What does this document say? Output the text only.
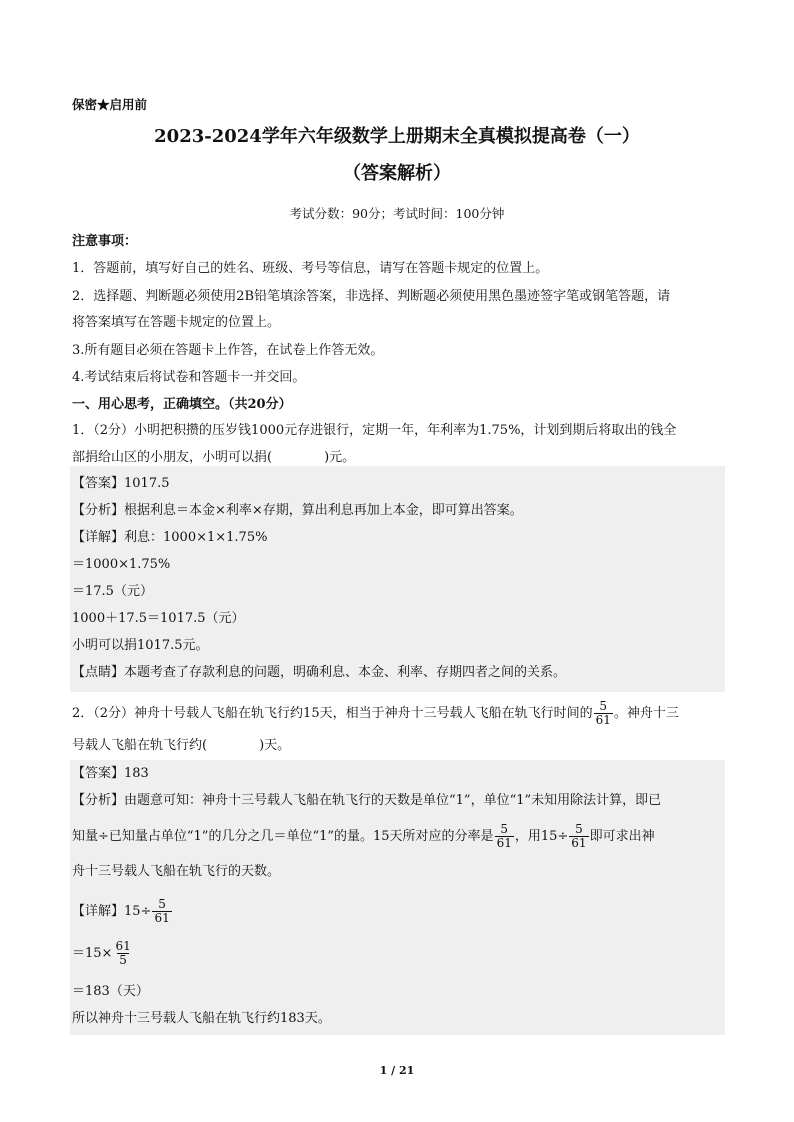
保密★启用前
2023-2024学年六年级数学上册期末全真模拟提高卷（一）
（答案解析）
考试分数：90分；考试时间：100分钟
注意事项：
1．答题前，填写好自己的姓名、班级、考号等信息，请写在答题卡规定的位置上。
2．选择题、判断题必须使用2B铅笔填涂答案，非选择、判断题必须使用黑色墨迹签字笔或钢笔答题，请
将答案填写在答题卡规定的位置上。
3.所有题目必须在答题卡上作答，在试卷上作答无效。
4.考试结束后将试卷和答题卡一并交回。
一、用心思考，正确填空。（共20分）
1．（2分）小明把积攒的压岁钱1000元存进银行，定期一年，年利率为1.75%，计划到期后将取出的钱全
部捐给山区的小朋友，小明可以捐(　　　　)元。
【答案】1017.5
【分析】根据利息＝本金×利率×存期，算出利息再加上本金，即可算出答案。
【详解】利息：1000×1×1.75%
＝1000×1.75%
＝17.5（元）
1000＋17.5＝1017.5（元）
小明可以捐1017.5元。
【点睛】本题考查了存款利息的问题，明确利息、本金、利率、存期四者之间的关系。
2．（2分）神舟十号载人飞船在轨飞行约15天，相当于神舟十三号载人飞船在轨飞行时间的 $\frac{5}{61}$ 。神舟十三
号载人飞船在轨飞行约(　　　　)天。
【答案】183
【分析】由题意可知：神舟十三号载人飞船在轨飞行的天数是单位“1”，单位“1”未知用除法计算，即已
知量÷已知量占单位“1”的几分之几＝单位“1”的量。15天所对应的分率是 $\frac{5}{61}$ ，用$15\div \frac{5}{61}$ 即可求出神
舟十三号载人飞船在轨飞行的天数。
【详解】$15\div \frac{5}{61}$
$=15\times \frac{61}{5}$
＝183（天）
所以神舟十三号载人飞船在轨飞行约183天。
1 / 21
